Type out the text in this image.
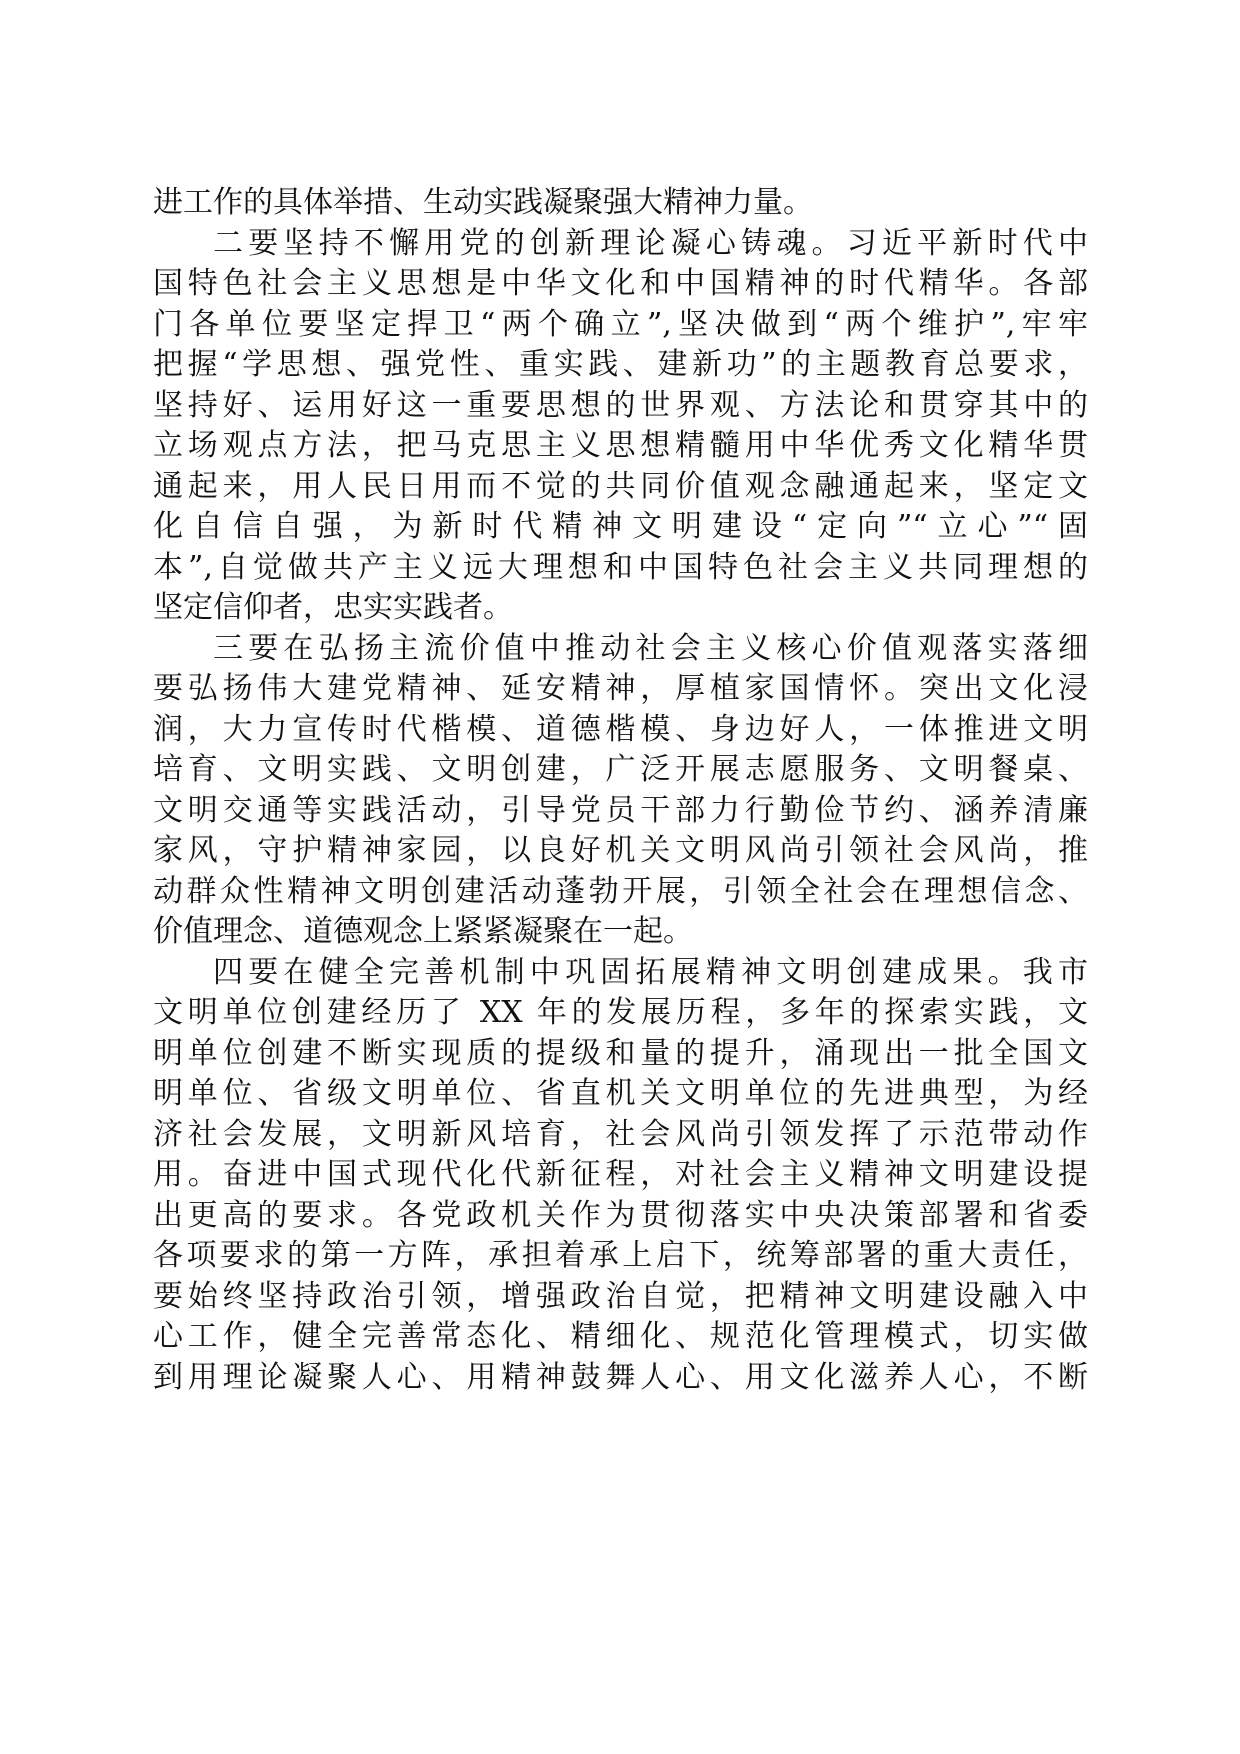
进工作的具体举措、生动实践凝聚强大精神力量。
二要坚持不懈用党的创新理论凝心铸魂。习近平新时代中
国特色社会主义思想是中华文化和中国精神的时代精华。各部
门各单位要坚定捍卫“两个确立”,坚决做到“两个维护”,牢牢
把握“学思想、强党性、重实践、建新功”的主题教育总要求，
坚持好、运用好这一重要思想的世界观、方法论和贯穿其中的
立场观点方法，把马克思主义思想精髓用中华优秀文化精华贯
通起来，用人民日用而不觉的共同价值观念融通起来，坚定文
化自信自强，为新时代精神文明建设“定向”“立心”“固
本”,自觉做共产主义远大理想和中国特色社会主义共同理想的
坚定信仰者，忠实实践者。
三要在弘扬主流价值中推动社会主义核心价值观落实落细
要弘扬伟大建党精神、延安精神，厚植家国情怀。突出文化浸
润，大力宣传时代楷模、道德楷模、身边好人，一体推进文明
培育、文明实践、文明创建，广泛开展志愿服务、文明餐桌、
文明交通等实践活动，引导党员干部力行勤俭节约、涵养清廉
家风，守护精神家园，以良好机关文明风尚引领社会风尚，推
动群众性精神文明创建活动蓬勃开展，引领全社会在理想信念、
价值理念、道德观念上紧紧凝聚在一起。
四要在健全完善机制中巩固拓展精神文明创建成果。我市
文明单位创建经历了 XX 年的发展历程，多年的探索实践，文
明单位创建不断实现质的提级和量的提升，涌现出一批全国文
明单位、省级文明单位、省直机关文明单位的先进典型，为经
济社会发展，文明新风培育，社会风尚引领发挥了示范带动作
用。奋进中国式现代化代新征程，对社会主义精神文明建设提
出更高的要求。各党政机关作为贯彻落实中央决策部署和省委
各项要求的第一方阵，承担着承上启下，统筹部署的重大责任，
要始终坚持政治引领，增强政治自觉，把精神文明建设融入中
心工作，健全完善常态化、精细化、规范化管理模式，切实做
到用理论凝聚人心、用精神鼓舞人心、用文化滋养人心，不断
